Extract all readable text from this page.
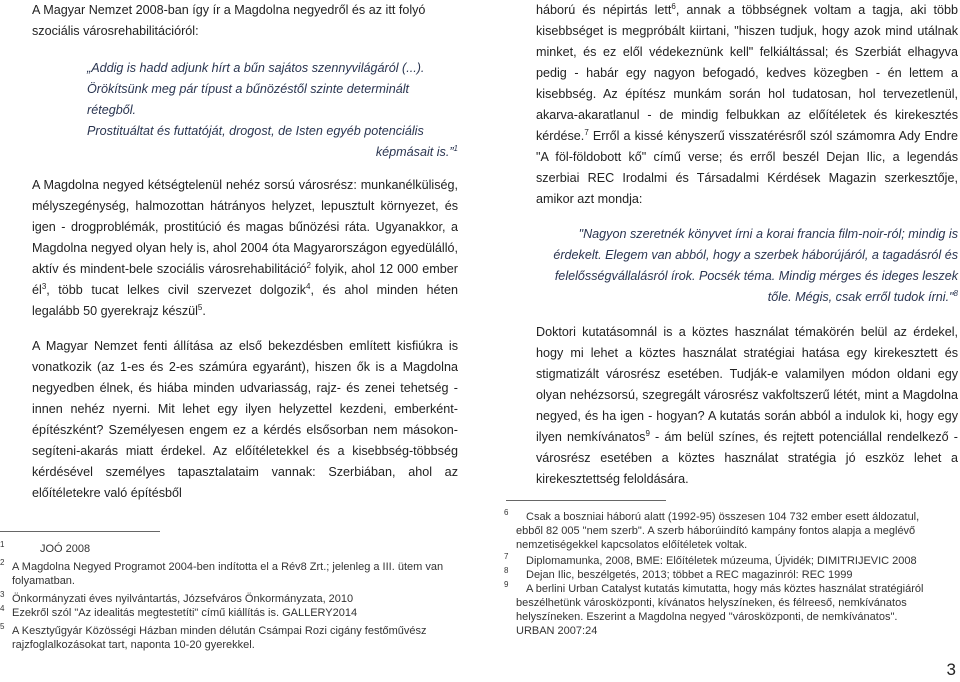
A Magyar Nemzet 2008-ban így ír a Magdolna negyedről és az itt folyó szociális városrehabilitációról:

„Addig is hadd adjunk hírt a bűn sajátos szennyvilágáról (...).
Örökítsünk meg pár típust a bűnözéstől szinte determinált rétegből.
Prostituáltat és futtatóját, drogost, de Isten egyéb potenciális
képmásait is.”$^1$

A Magdolna negyed kétségtelenül nehéz sorsú városrész: munkanélküliség, mélyszegénység, halmozottan hátrányos helyzet, lepusztult környezet, és igen - drogproblémák, prostitúció és magas bűnözési ráta. Ugyanakkor, a Magdolna negyed olyan hely is, ahol 2004 óta Magyarországon egyedülálló, aktív és mindent-bele szociális városrehabilitáció$^2$ folyik, ahol 12 000 ember $él^3$, több tucat lelkes civil szervezet dolgozik$^4$, és ahol minden héten legalább 50 gyerekrajz készül$^5$.

A Magyar Nemzet fenti állítása az első bekezdésben említett kisfiúkra is vonatkozik (az 1-es és 2-es számúra egyaránt), hiszen ők is a Magdolna negyedben élnek, és hiába minden udvariasság, rajz- és zenei tehetség - innen nehéz nyerni. Mit lehet egy ilyen helyzettel kezdeni, emberként-építészként? Személyesen engem ez a kérdés elsősorban nem másokon-segíteni-akarás miatt érdekel. Az előítéletekkel és a kisebbség-többség kérdésével személyes tapasztalataim vannak: Szerbiában, ahol az előítéletekre való építésből

1	JOÓ 2008
2 A Magdolna Negyed Programot 2004-ben indította el a Rév8 Zrt.; jelenleg a III. ütem van folyamatban.
3 Önkormányzati éves nyilvántartás, Józsefváros Önkormányzata, 2010
4 Ezekről szól "Az idealitás megtestetíti" című kiállítás is. GALLERY2014
5 A Kesztyűgyár Közösségi Házban minden délután Csámpai Rozi cigány festőművész rajzfoglalkozásokat tart, naponta 10-20 gyerekkel.

háború és népirtás lett$^6$, annak a többségnek voltam a tagja, aki több kisebbséget is megpróbált kiirtani, "hiszen tudjuk, hogy azok mind utálnak minket, és ez elől védekeznünk kell" felkiáltással; és Szerbiát elhagyva pedig - habár egy nagyon befogadó, kedves közegben - én lettem a kisebbség. Az építész munkám során hol tudatosan, hol tervezetlenül, akarva-akaratlanul - de mindig felbukkan az előítéletek és kirekesztés kérdése.$^7$ Erről a kissé kényszerű visszatérésről szól számomra Ady Endre "A föl-földobott kő" című verse; és erről beszél Dejan Ilic, a legendás szerbiai REC Irodalmi és Társadalmi Kérdések Magazin szerkesztője, amikor azt mondja:

"Nagyon szeretnék könyvet írni a korai francia film-noir-ról; mindig is érdekelt. Elegem van abból, hogy a szerbek háborújáról, a tagadásról és felelősségvállalásról írok. Pocsék téma. Mindig mérges és ideges leszek tőle. Mégis, csak erről tudok írni."$^8$

Doktori kutatásomnál is a köztes használat témakörén belül az érdekel, hogy mi lehet a köztes használat stratégiai hatása egy kirekesztett és stigmatizált városrész esetében. Tudják-e valamilyen módon oldani egy olyan nehézsorsú, szegregált városrész vakfoltszerű létét, mint a Magdolna negyed, és ha igen - hogyan? A kutatás során abból a indulok ki, hogy egy ilyen nemkívánatos$^9$ - ám belül színes, és rejtett potenciállal rendelkező - városrész esetében a köztes használat stratégia jó eszköz lehet a kirekesztettség feloldására.

6 Csak a boszniai háború alatt (1992-95) összesen 104 732 ember esett áldozatul, ebből 82 005 "nem szerb". A szerb háborúindító kampány fontos alapja a meglévő nemzetiségekkel kapcsolatos előítéletek voltak.
7 Diplomamunka, 2008, BME: Előítéletek múzeuma, Újvidék; DIMITRIJEVIC 2008
8 Dejan Ilic, beszélgetés, 2013; többet a REC magazinról: REC 1999
9 A berlini Urban Catalyst kutatás kimutatta, hogy más köztes használat stratégiáról beszélhetünk városközponti, kívánatos helyszíneken, és félreeső, nemkívánatos helyszíneken. Eszerint a Magdolna negyed "városközponti, de nemkívánatos". URBAN 2007:24
3
